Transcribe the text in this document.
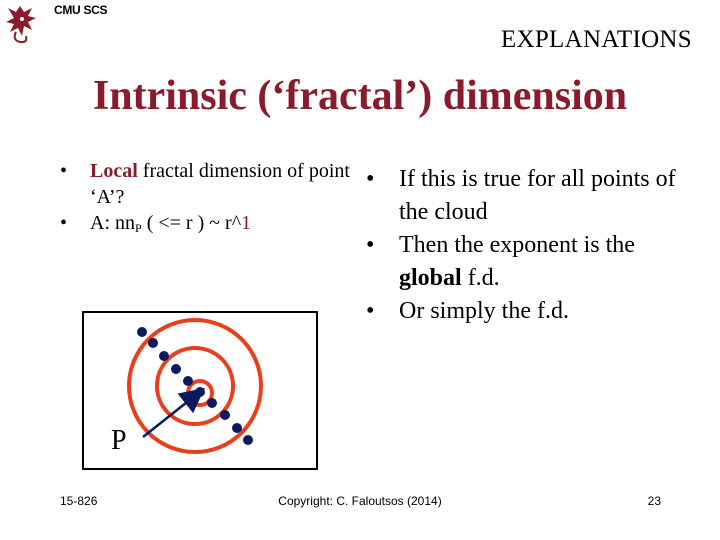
CMU SCS
EXPLANATIONS
Intrinsic (‘fractal’) dimension
• Local fractal dimension of point ‘A’?
• A: $nn_P$ ( <= r ) ~ r^1
• If this is true for all points of the cloud
• Then the exponent is the global f.d.
• Or simply the f.d.
P
15-826	Copyright: C. Faloutsos (2014)	23
